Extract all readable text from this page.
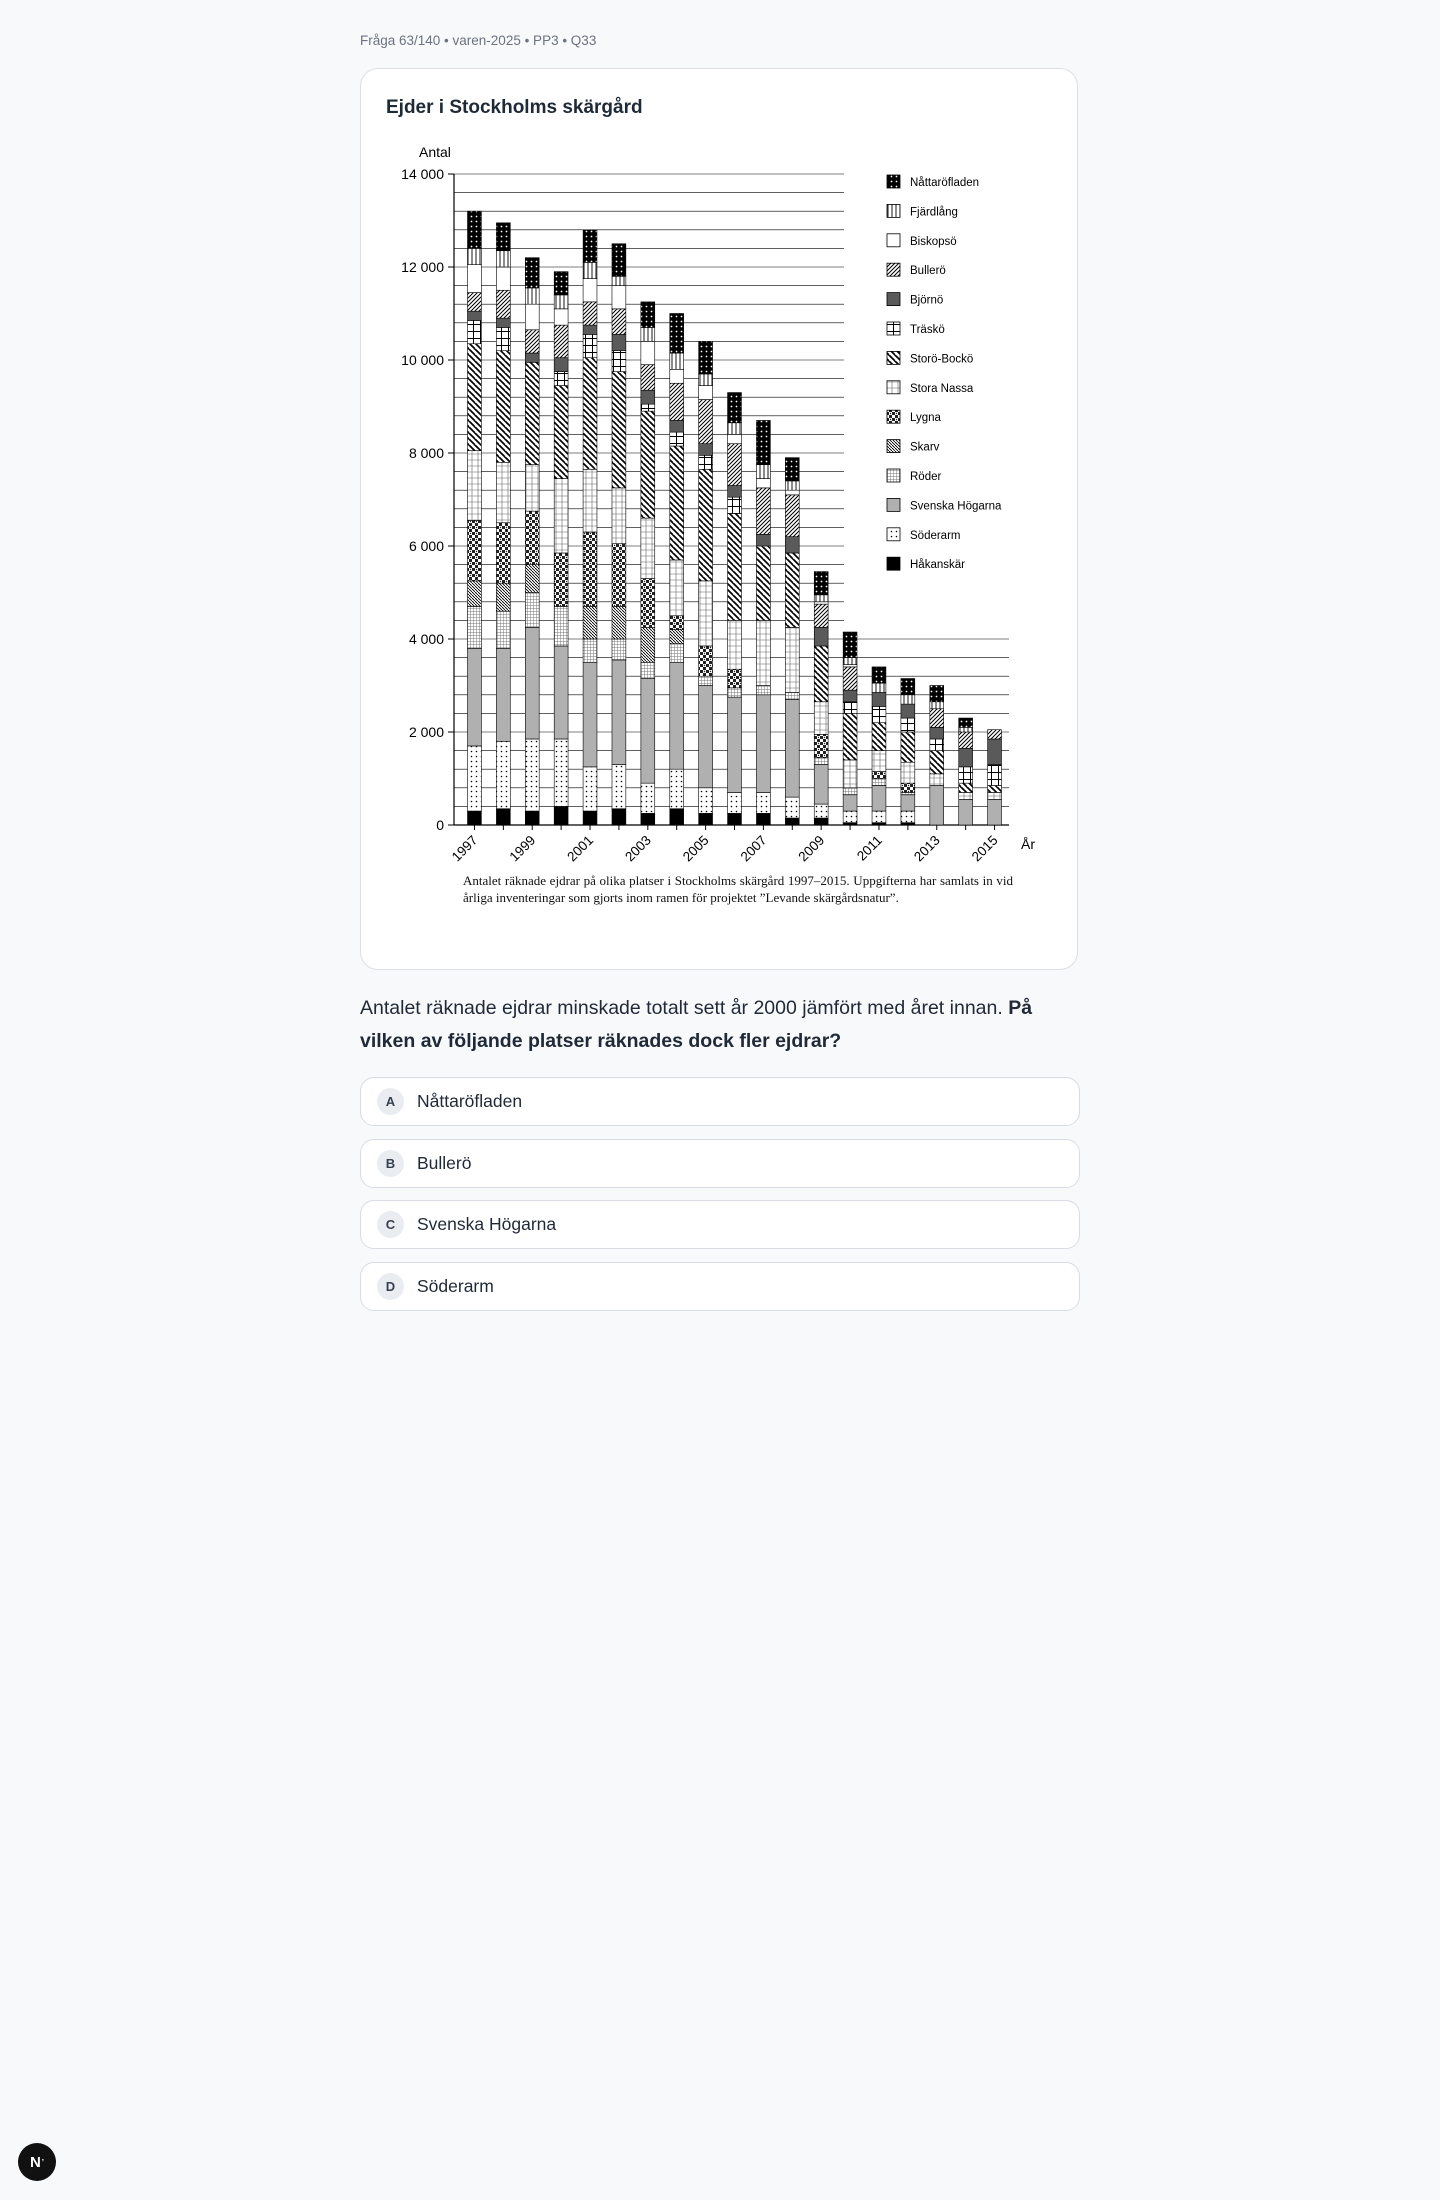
Fråga 63/140 • varen-2025 • PP3 • Q33
Ejder i Stockholms skärgård
Antal
14 000
12 000
10 000
8 000
6 000
4 000
2 000
0
1997 1999 2001 2003 2005 2007 2009 2011 2013 2015 År
Nåttaröfladen
Fjärdlång
Biskopsö
Bullerö
Björnö
Träskö
Storö-Bockö
Stora Nassa
Lygna
Skarv
Röder
Svenska Högarna
Söderarm
Håkanskär

Antalet räknade ejdrar på olika platser i Stockholms skärgård 1997–2015. Uppgifterna har samlats in vid årliga inventeringar som gjorts inom ramen för projektet ”Levande skärgårdsnatur”.

Antalet räknade ejdrar minskade totalt sett år 2000 jämfört med året innan. På vilken av följande platser räknades dock fler ejdrar?
A	Nåttaröfladen
B	Bullerö
C	Svenska Högarna
D	Söderarm
N ’
